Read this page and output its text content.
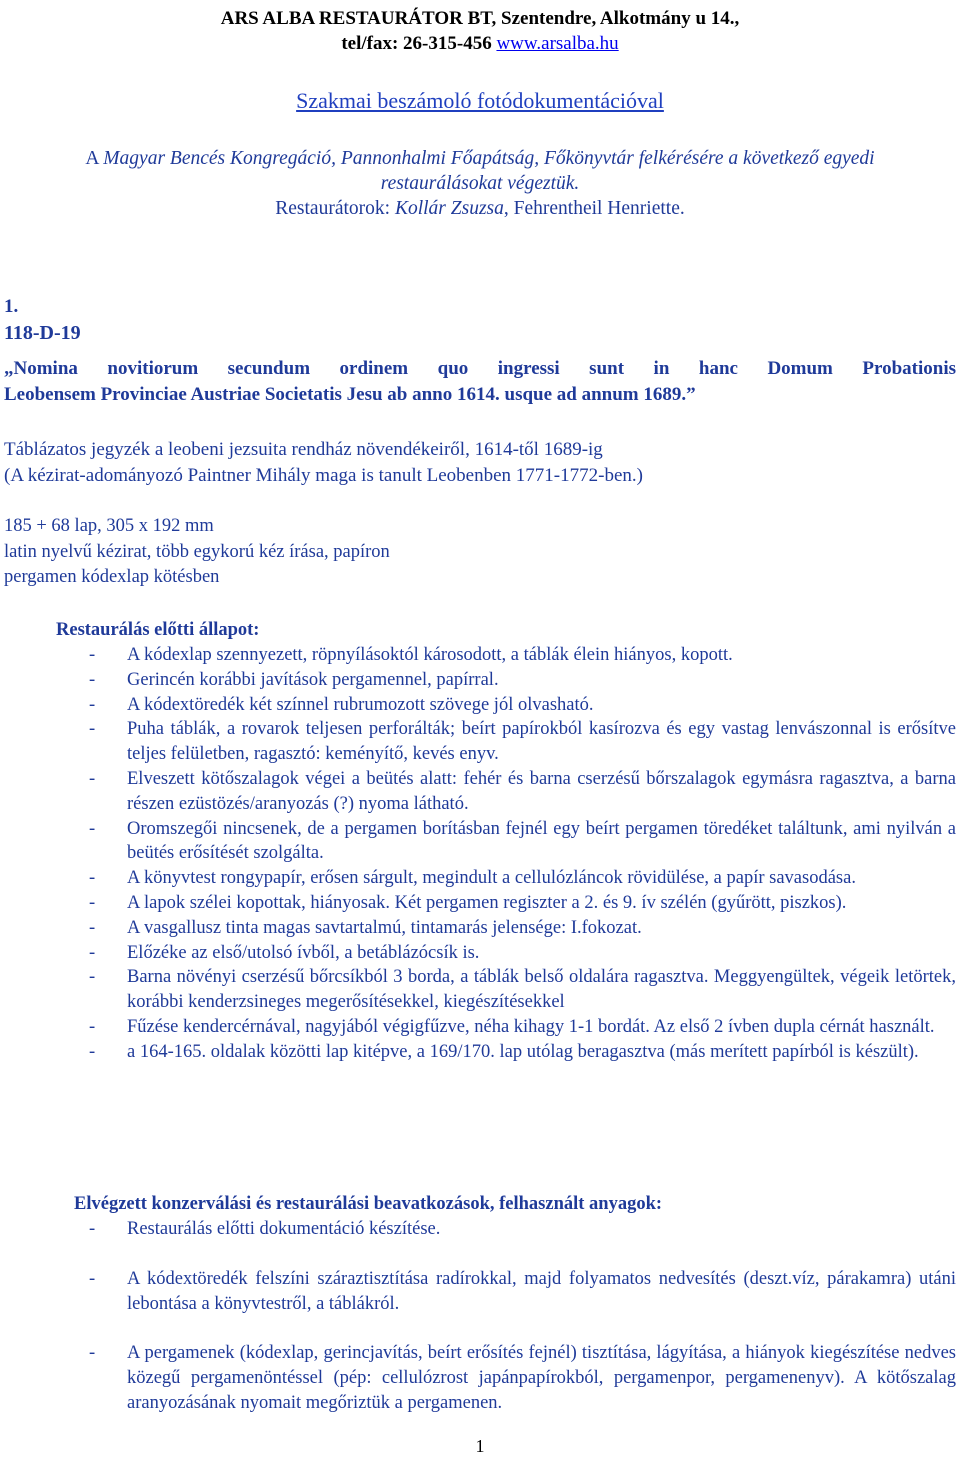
ARS ALBA RESTAURÁTOR BT, Szentendre, Alkotmány u 14.,
tel/fax: 26-315-456 www.arsalba.hu
Szakmai beszámoló fotódokumentációval
A Magyar Bencés Kongregáció, Pannonhalmi Főapátság, Főkönyvtár felkérésére a következő egyedi restaurálásokat végeztük.
Restaurátorok: Kollár Zsuzsa, Fehrentheil Henriette.
1.
118-D-19
„Nomina novitiorum secundum ordinem quo ingressi sunt in hanc Domum Probationis
Leobensem Provinciae Austriae Societatis Jesu ab anno 1614. usque ad annum 1689.”
Táblázatos jegyzék a leobeni jezsuita rendház növendékeiről, 1614-től 1689-ig
(A kézirat-adományozó Paintner Mihály maga is tanult Leobenben 1771-1772-ben.)
185 + 68 lap, 305 x 192 mm
latin nyelvű kézirat, több egykorú kéz írása, papíron
pergamen kódexlap kötésben
Restaurálás előtti állapot:
- A kódexlap szennyezett, röpnyílásoktól károsodott, a táblák élein hiányos, kopott.
- Gerincén korábbi javítások pergamennel, papírral.
- A kódextöredék két színnel rubrumozott szövege jól olvasható.
- Puha táblák, a rovarok teljesen perforálták; beírt papírokból kasírozva és egy vastag lenvászonnal is erősítve teljes felületben, ragasztó: keményítő, kevés enyv.
- Elveszett kötőszalagok végei a beütés alatt: fehér és barna cserzésű bőrszalagok egymásra ragasztva, a barna részen ezüstözés/aranyozás (?) nyoma látható.
- Oromszegői nincsenek, de a pergamen borításban fejnél egy beírt pergamen töredéket találtunk, ami nyilván a beütés erősítését szolgálta.
- A könyvtest rongypapír, erősen sárgult, megindult a cellulózláncok rövidülése, a papír savasodása.
- A lapok szélei kopottak, hiányosak. Két pergamen regiszter a 2. és 9. ív szélén (gyűrött, piszkos).
- A vasgallusz tinta magas savtartalmú, tintamarás jelensége: I.fokozat.
- Előzéke az első/utolsó ívből, a betáblázócsík is.
- Barna növényi cserzésű bőrcsíkból 3 borda, a táblák belső oldalára ragasztva. Meggyengültek, végeik letörtek, korábbi kenderzsineges megerősítésekkel, kiegészítésekkel
- Fűzése kendercérnával, nagyjából végigfűzve, néha kihagy 1-1 bordát. Az első 2 ívben dupla cérnát használt.
- a 164-165. oldalak közötti lap kitépve, a 169/170. lap utólag beragasztva (más merített papírból is készült).
Elvégzett konzerválási és restaurálási beavatkozások, felhasznált anyagok:
- Restaurálás előtti dokumentáció készítése.
- A kódextöredék felszíni száraztisztítása radírokkal, majd folyamatos nedvesítés (deszt.víz, párakamra) utáni lebontása a könyvtestről, a táblákról.
- A pergamenek (kódexlap, gerincjavítás, beírt erősítés fejnél) tisztítása, lágyítása, a hiányok kiegészítése nedves közegű pergamenöntéssel (pép: cellulózrost japánpapírokból, pergamenpor, pergamenenyv). A kötőszalag aranyozásának nyomait megőriztük a pergamenen.
1
